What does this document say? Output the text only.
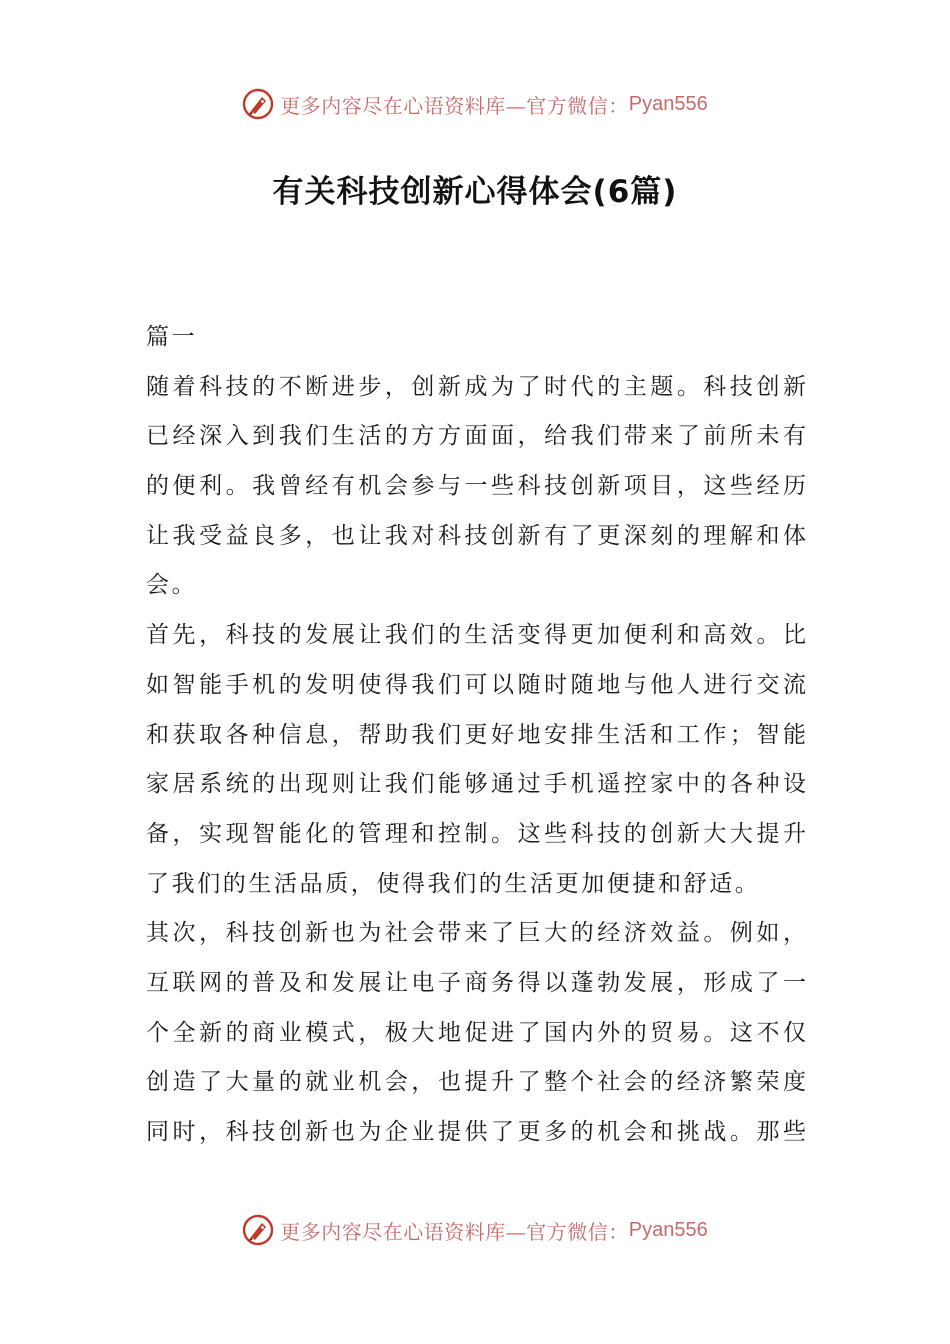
更多内容尽在心语资料库—官方微信： Pyan556
有关科技创新心得体会(6篇)
篇一
随着科技的不断进步，创新成为了时代的主题。科技创新
已经深入到我们生活的方方面面，给我们带来了前所未有
的便利。我曾经有机会参与一些科技创新项目，这些经历
让我受益良多，也让我对科技创新有了更深刻的理解和体
会。
首先，科技的发展让我们的生活变得更加便利和高效。比
如智能手机的发明使得我们可以随时随地与他人进行交流
和获取各种信息，帮助我们更好地安排生活和工作；智能
家居系统的出现则让我们能够通过手机遥控家中的各种设
备，实现智能化的管理和控制。这些科技的创新大大提升
了我们的生活品质，使得我们的生活更加便捷和舒适。
其次，科技创新也为社会带来了巨大的经济效益。例如，
互联网的普及和发展让电子商务得以蓬勃发展，形成了一
个全新的商业模式，极大地促进了国内外的贸易。这不仅
创造了大量的就业机会，也提升了整个社会的经济繁荣度
同时，科技创新也为企业提供了更多的机会和挑战。那些
更多内容尽在心语资料库—官方微信： Pyan556
